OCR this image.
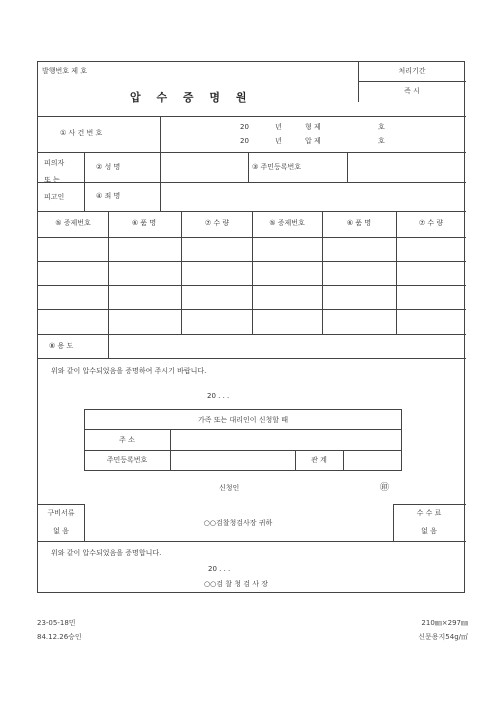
가족 또는 대리인이 신청할 때
주 소
주민등록번호	관 계
발행번호 제 호	처리기간
즉 시
압 수 증 명 원
① 사 건 번 호
20	년	형 제	호
20	년	압 제	호
피의자
또 는
피고인
② 성 명	③ 주민등록번호
④ 죄 명
⑤ 증제번호	⑥ 품 명	⑦ 수 량	⑤ 증제번호	⑥ 품 명	⑦ 수 량
⑧ 용 도
위와 같이 압수되었음을 증명하여 주시기 바랍니다.
20 . . .
신청인	㊞
구비서류
없 음
○○검찰청검사장 귀하
수 수 료
없 음
위와 같이 압수되었음을 증명합니다.
20 . . .
○○검 찰 청 검 사 장
23-05-18민
84.12.26승인
210㎜×297㎜
신문용지54g/㎡
